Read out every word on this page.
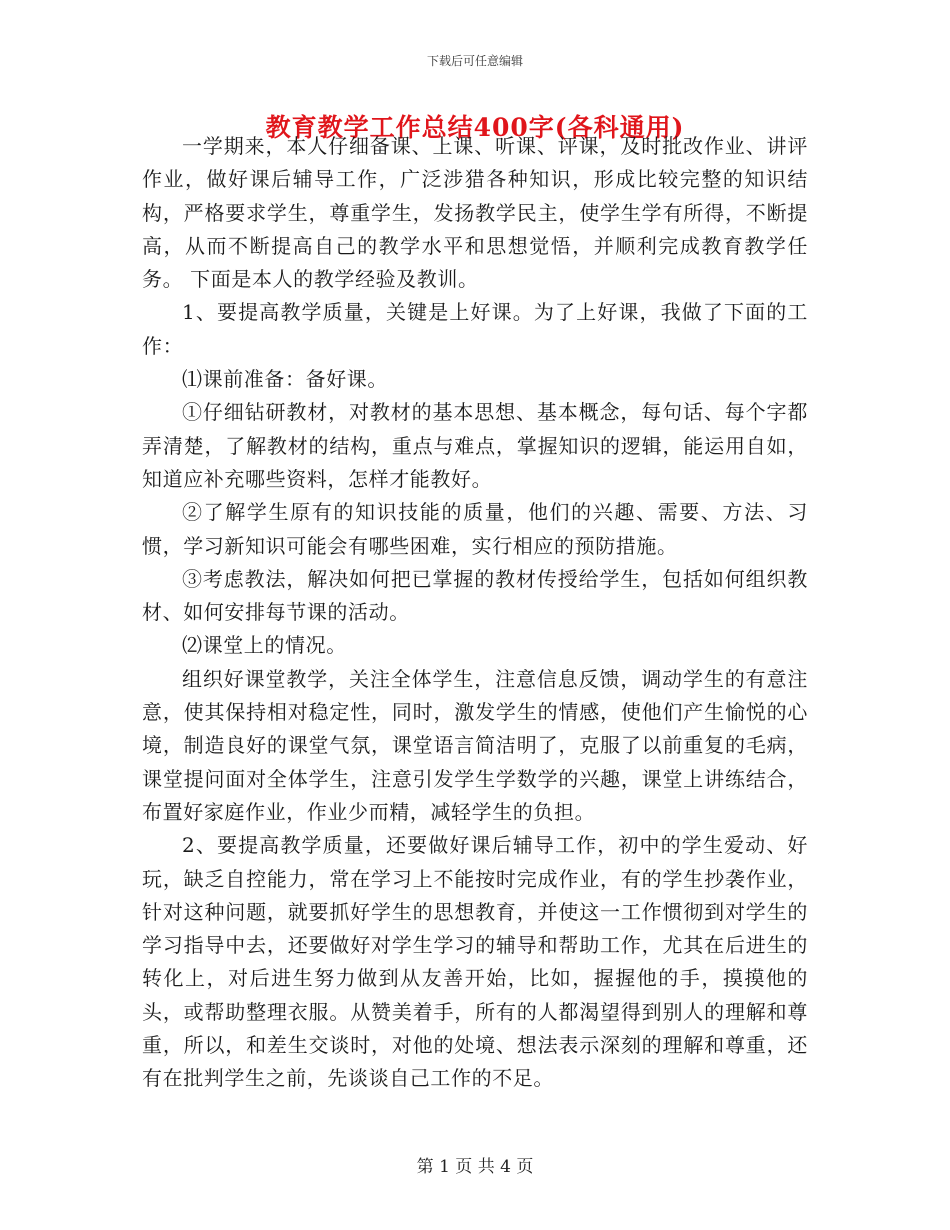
下载后可任意编辑
教育教学工作总结400字(各科通用)

一学期来，本人仔细备课、上课、听课、评课，及时批改作业、讲评作业，做好课后辅导工作，广泛涉猎各种知识，形成比较完整的知识结构，严格要求学生，尊重学生，发扬教学民主，使学生学有所得，不断提高，从而不断提高自己的教学水平和思想觉悟，并顺利完成教育教学任务。 下面是本人的教学经验及教训。

1、要提高教学质量，关键是上好课。为了上好课，我做了下面的工作：

⑴课前准备：备好课。

①仔细钻研教材，对教材的基本思想、基本概念，每句话、每个字都弄清楚，了解教材的结构，重点与难点，掌握知识的逻辑，能运用自如，知道应补充哪些资料，怎样才能教好。

②了解学生原有的知识技能的质量，他们的兴趣、需要、方法、习惯，学习新知识可能会有哪些困难，实行相应的预防措施。

③考虑教法，解决如何把已掌握的教材传授给学生，包括如何组织教材、如何安排每节课的活动。

⑵课堂上的情况。

组织好课堂教学，关注全体学生，注意信息反馈，调动学生的有意注意，使其保持相对稳定性，同时，激发学生的情感，使他们产生愉悦的心境，制造良好的课堂气氛，课堂语言简洁明了，克服了以前重复的毛病，课堂提问面对全体学生，注意引发学生学数学的兴趣，课堂上讲练结合，布置好家庭作业，作业少而精，减轻学生的负担。

2、要提高教学质量，还要做好课后辅导工作，初中的学生爱动、好玩，缺乏自控能力，常在学习上不能按时完成作业，有的学生抄袭作业，针对这种问题，就要抓好学生的思想教育，并使这一工作惯彻到对学生的学习指导中去，还要做好对学生学习的辅导和帮助工作，尤其在后进生的转化上，对后进生努力做到从友善开始，比如，握握他的手，摸摸他的头，或帮助整理衣服。从赞美着手，所有的人都渴望得到别人的理解和尊重，所以，和差生交谈时，对他的处境、想法表示深刻的理解和尊重，还有在批判学生之前，先谈谈自己工作的不足。

第 1 页 共 4 页
